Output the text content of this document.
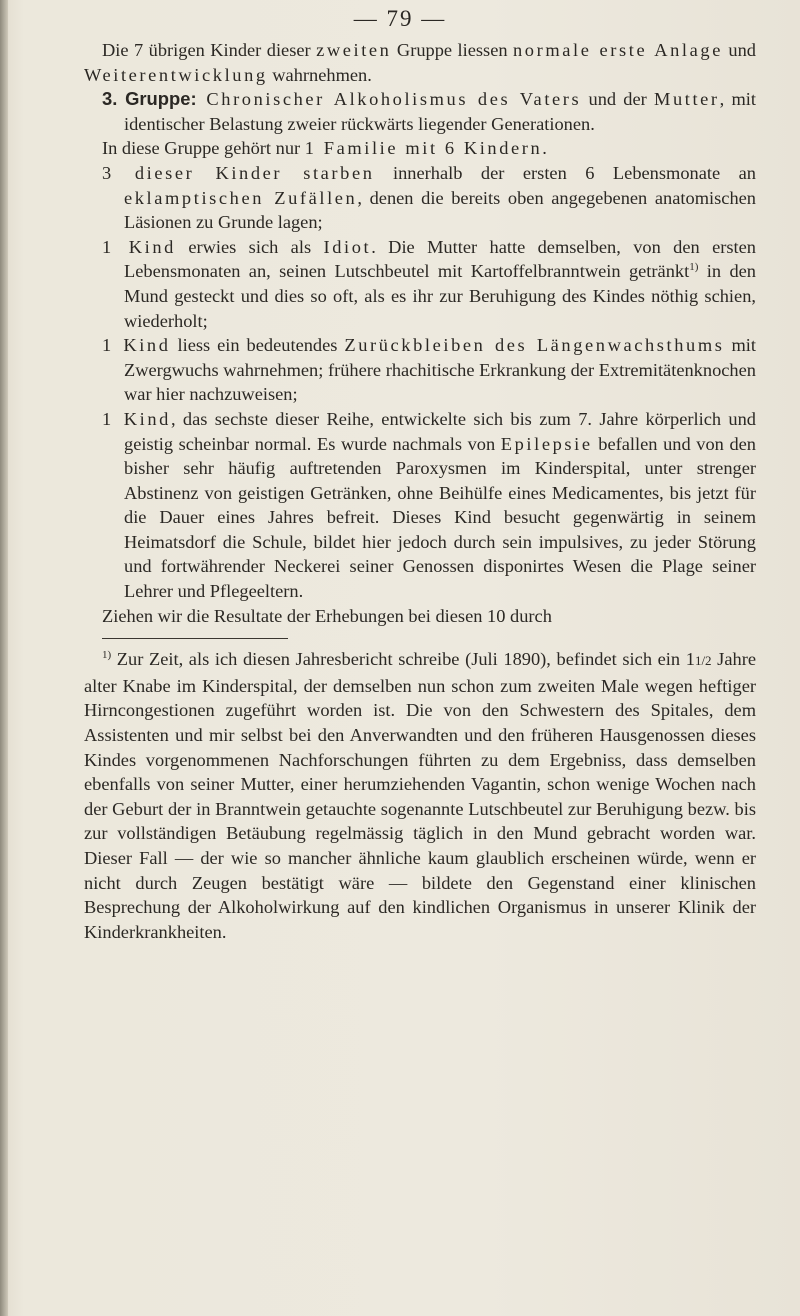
— 79 —

Die 7 übrigen Kinder dieser zweiten Gruppe liessen normale erste Anlage und Weiterentwicklung wahrnehmen.

3. Gruppe: Chronischer Alkoholismus des Vaters und der Mutter, mit identischer Belastung zweier rückwärts liegender Generationen.

In diese Gruppe gehört nur 1 Familie mit 6 Kindern.

3 dieser Kinder starben innerhalb der ersten 6 Lebensmonate an eklamptischen Zufällen, denen die bereits oben angegebenen anatomischen Läsionen zu Grunde lagen;

1 Kind erwies sich als Idiot. Die Mutter hatte demselben, von den ersten Lebensmonaten an, seinen Lutschbeutel mit Kartoffelbranntwein getränkt$^{1)}$ in den Mund gesteckt und dies so oft, als es ihr zur Beruhigung des Kindes nöthig schien, wiederholt;

1 Kind liess ein bedeutendes Zurückbleiben des Längenwachsthums mit Zwergwuchs wahrnehmen; frühere rhachitische Erkrankung der Extremitätenknochen war hier nachzuweisen;

1 Kind, das sechste dieser Reihe, entwickelte sich bis zum 7. Jahre körperlich und geistig scheinbar normal. Es wurde nachmals von Epilepsie befallen und von den bisher sehr häufig auftretenden Paroxysmen im Kinderspital, unter strenger Abstinenz von geistigen Getränken, ohne Beihülfe eines Medicamentes, bis jetzt für die Dauer eines Jahres befreit. Dieses Kind besucht gegenwärtig in seinem Heimatsdorf die Schule, bildet hier jedoch durch sein impulsives, zu jeder Störung und fortwährender Neckerei seiner Genossen disponirtes Wesen die Plage seiner Lehrer und Pflegeeltern.

Ziehen wir die Resultate der Erhebungen bei diesen 10 durch

$^{1)}$ Zur Zeit, als ich diesen Jahresbericht schreibe (Juli 1890), befindet sich ein 11/2 Jahre alter Knabe im Kinderspital, der demselben nun schon zum zweiten Male wegen heftiger Hirncongestionen zugeführt worden ist. Die von den Schwestern des Spitales, dem Assistenten und mir selbst bei den Anverwandten und den früheren Hausgenossen dieses Kindes vorgenommenen Nachforschungen führten zu dem Ergebniss, dass demselben ebenfalls von seiner Mutter, einer herumziehenden Vagantin, schon wenige Wochen nach der Geburt der in Branntwein getauchte sogenannte Lutschbeutel zur Beruhigung bezw. bis zur vollständigen Betäubung regelmässig täglich in den Mund gebracht worden war. Dieser Fall — der wie so mancher ähnliche kaum glaublich erscheinen würde, wenn er nicht durch Zeugen bestätigt wäre — bildete den Gegenstand einer klinischen Besprechung der Alkoholwirkung auf den kindlichen Organismus in unserer Klinik der Kinderkrankheiten.
